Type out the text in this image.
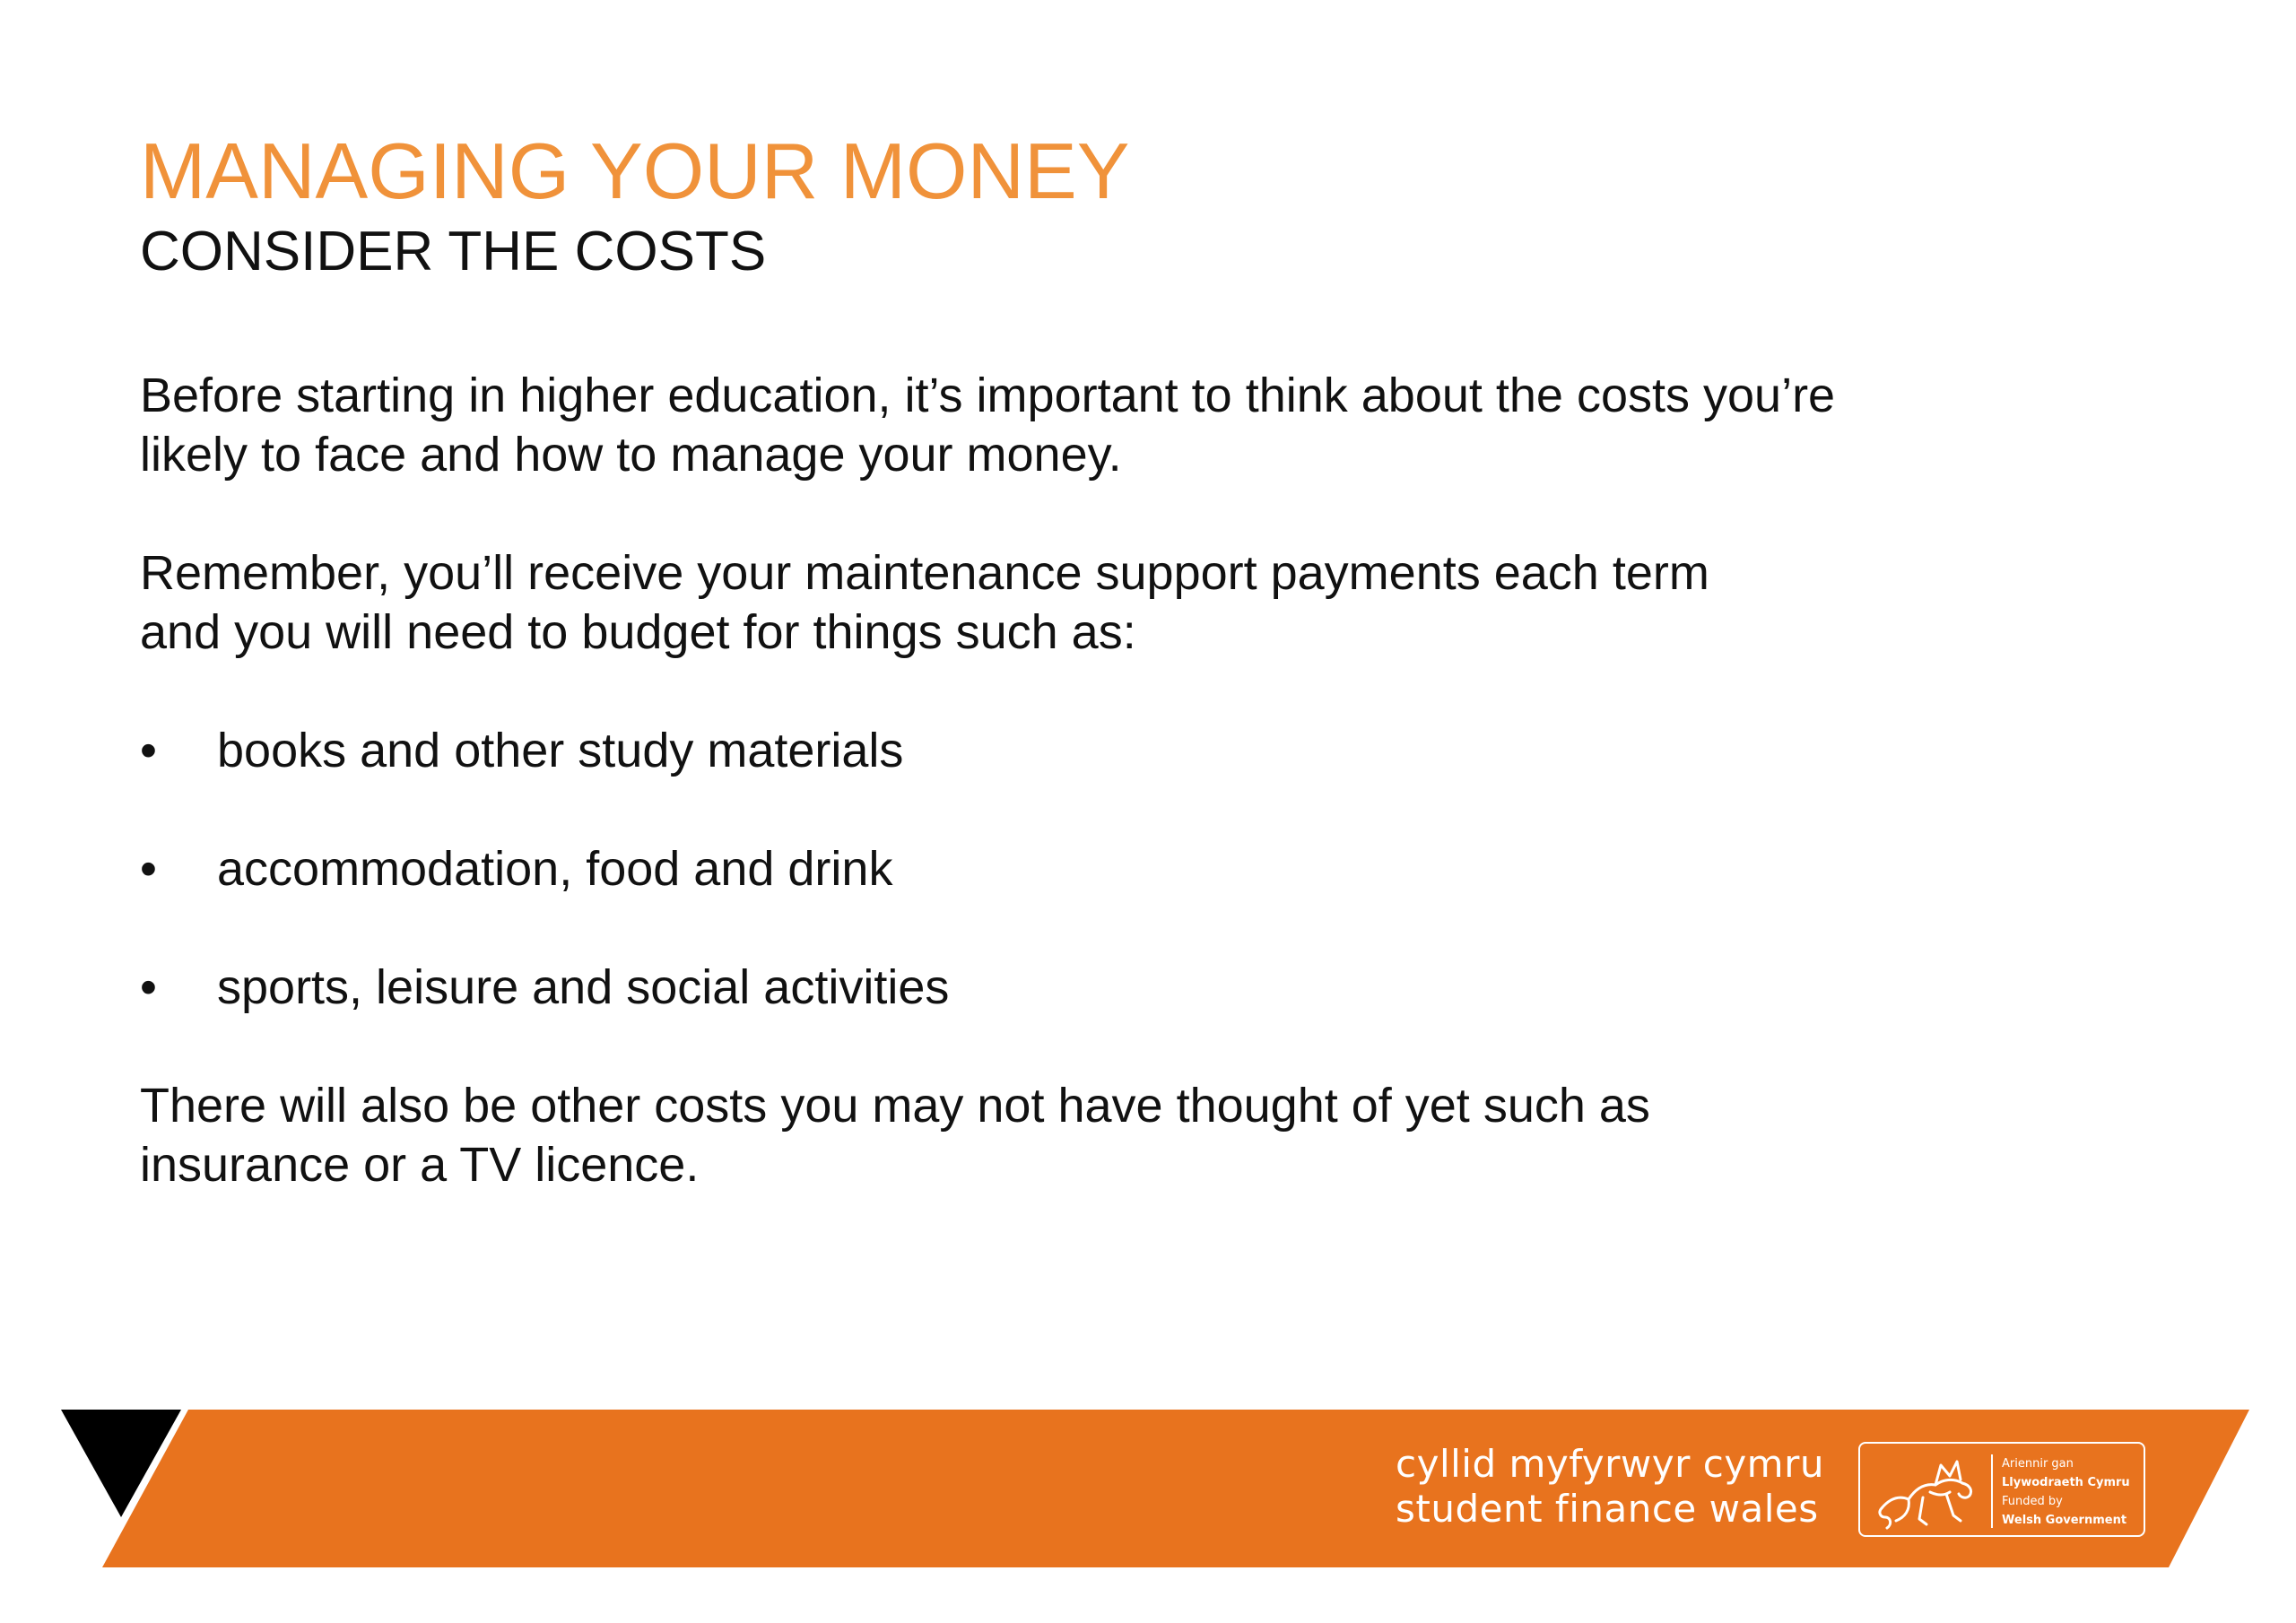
MANAGING YOUR MONEY
CONSIDER THE COSTS

Before starting in higher education, it’s important to think about the costs you’re
likely to face and how to manage your money.

Remember, you’ll receive your maintenance support payments each term
and you will need to budget for things such as:

• books and other study materials
• accommodation, food and drink
• sports, leisure and social activities

There will also be other costs you may not have thought of yet such as
insurance or a TV licence.

cyllid myfyrwyr cymru
student finance wales
Ariennir gan
Llywodraeth Cymru
Funded by
Welsh Government
